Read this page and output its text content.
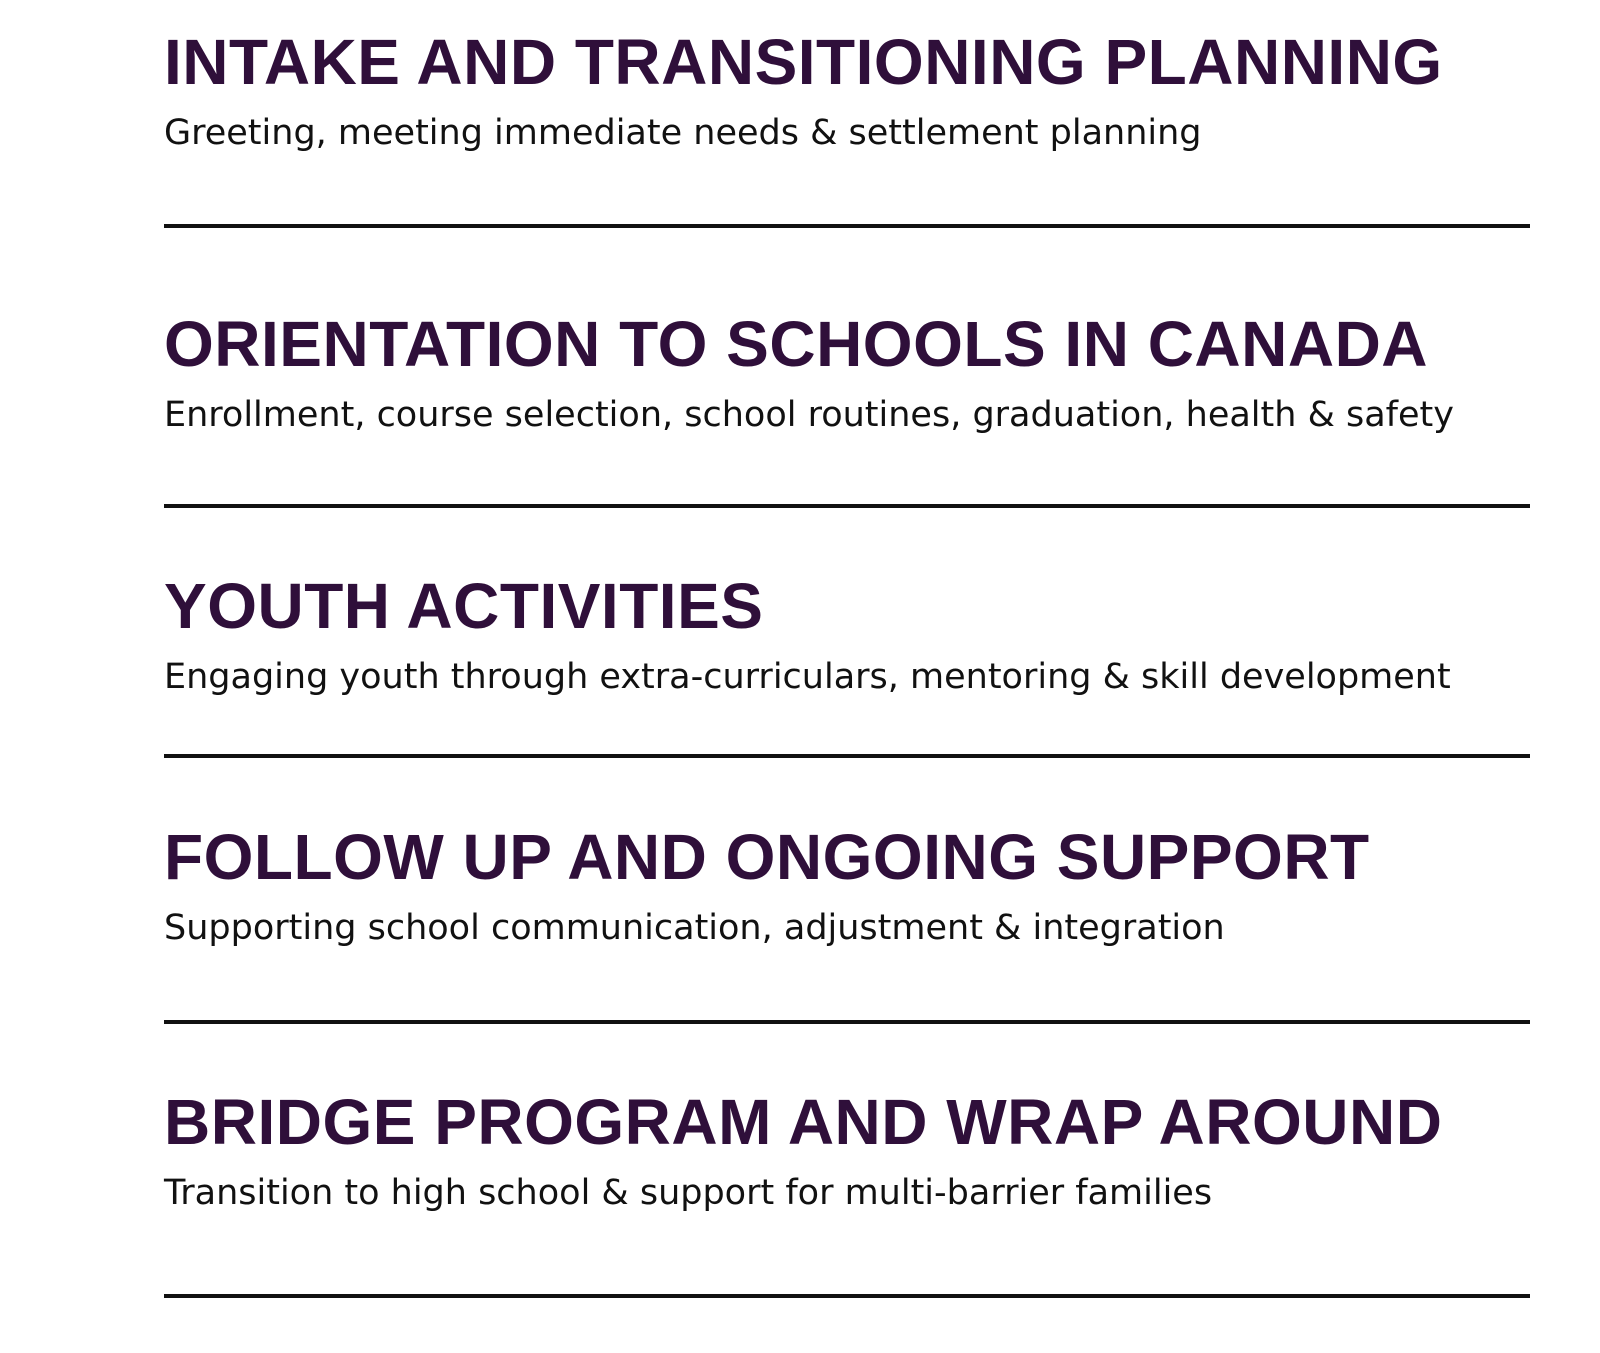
INTAKE AND TRANSITIONING PLANNING

Greeting, meeting immediate needs & settlement planning

ORIENTATION TO SCHOOLS IN CANADA

Enrollment, course selection, school routines, graduation, health & safety

YOUTH ACTIVITIES

Engaging youth through extra-curriculars, mentoring & skill development

FOLLOW UP AND ONGOING SUPPORT

Supporting school communication, adjustment & integration

BRIDGE PROGRAM AND WRAP AROUND

Transition to high school & support for multi-barrier families
